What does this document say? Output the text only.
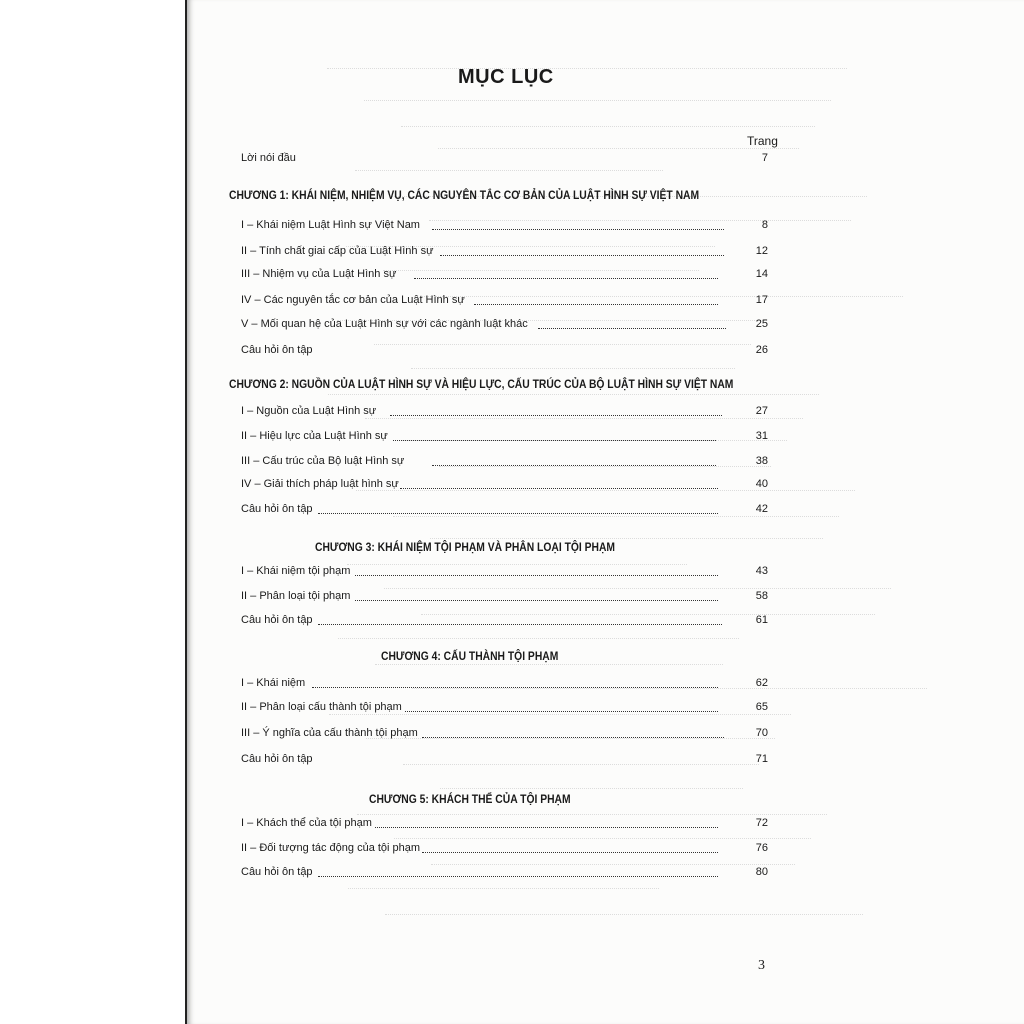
MỤC LỤC
Trang
Lời nói đầu	7
CHƯƠNG 1: KHÁI NIỆM, NHIỆM VỤ, CÁC NGUYÊN TẮC CƠ BẢN CỦA LUẬT HÌNH SỰ VIỆT NAM
I – Khái niệm Luật Hình sự Việt Nam	8
II – Tính chất giai cấp của Luật Hình sự	12
III – Nhiệm vụ của Luật Hình sự	14
IV – Các nguyên tắc cơ bản của Luật Hình sự	17
V – Mối quan hệ của Luật Hình sự với các ngành luật khác	25
Câu hỏi ôn tập	26
CHƯƠNG 2: NGUỒN CỦA LUẬT HÌNH SỰ VÀ HIỆU LỰC, CẤU TRÚC CỦA BỘ LUẬT HÌNH SỰ VIỆT NAM
I – Nguồn của Luật Hình sự	27
II – Hiệu lực của Luật Hình sự	31
III – Cấu trúc của Bộ luật Hình sự	38
IV – Giải thích pháp luật hình sự	40
Câu hỏi ôn tập	42
CHƯƠNG 3: KHÁI NIỆM TỘI PHẠM VÀ PHÂN LOẠI TỘI PHẠM
I – Khái niệm tội phạm	43
II – Phân loại tội phạm	58
Câu hỏi ôn tập	61
CHƯƠNG 4: CẤU THÀNH TỘI PHẠM
I – Khái niệm	62
II – Phân loại cấu thành tội phạm	65
III – Ý nghĩa của cấu thành tội phạm	70
Câu hỏi ôn tập	71
CHƯƠNG 5: KHÁCH THỂ CỦA TỘI PHẠM
I – Khách thể của tội phạm	72
II – Đối tượng tác động của tội phạm	76
Câu hỏi ôn tập	80
3
